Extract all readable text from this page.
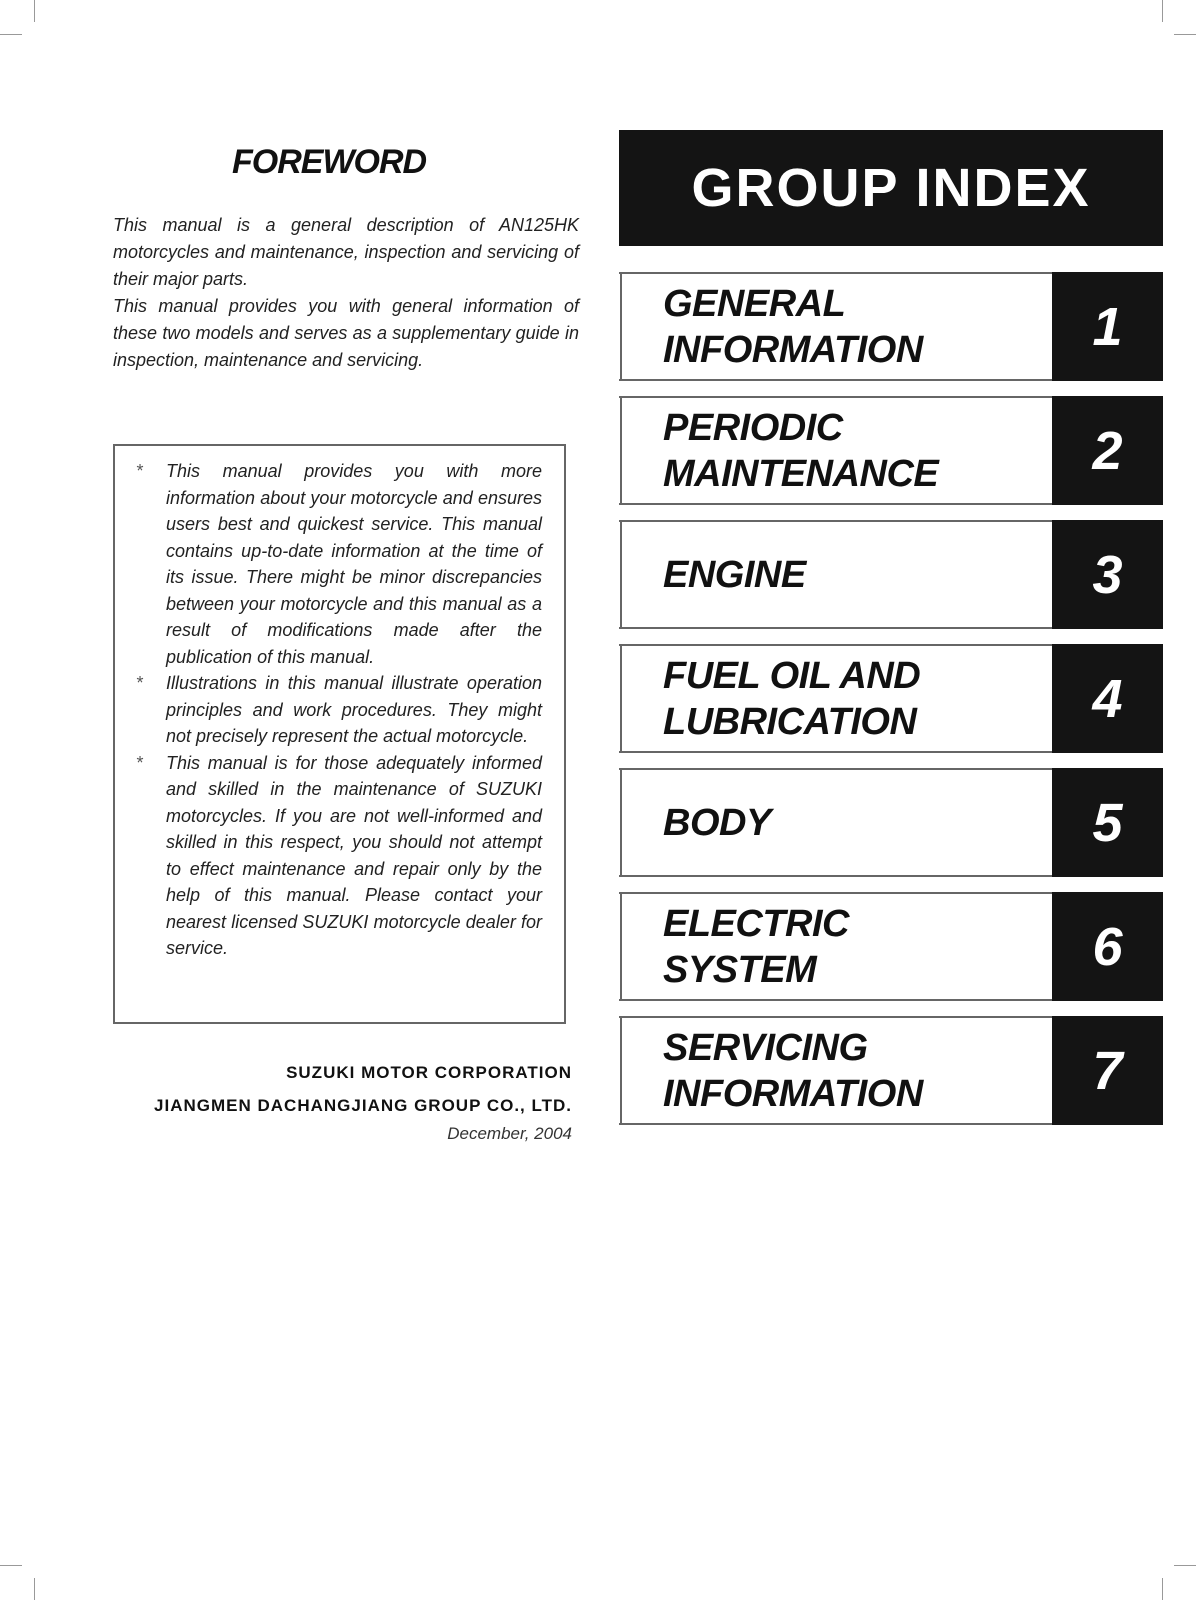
FOREWORD

This manual is a general description of AN125HK motorcycles and maintenance, inspection and servicing of their major parts.

This manual provides you with general information of these two models and serves as a supplementary guide in inspection, maintenance and servicing.

*	This manual provides you with more information about your motorcycle and ensures users best and quickest service. This manual contains up-to-date information at the time of its issue. There might be minor discrepancies between your motorcycle and this manual as a result of modifications made after the publication of this manual.

*	Illustrations in this manual illustrate operation principles and work procedures. They might not precisely represent the actual motorcycle.

*	This manual is for those adequately informed and skilled in the maintenance of SUZUKI motorcycles. If you are not well-informed and skilled in this respect, you should not attempt to effect maintenance and repair only by the help of this manual. Please contact your nearest licensed SUZUKI motorcycle dealer for service.

SUZUKI MOTOR CORPORATION
JIANGMEN DACHANGJIANG GROUP CO., LTD.
December, 2004
GROUP INDEX
GENERAL
INFORMATION	1
PERIODIC
MAINTENANCE	2
ENGINE	3
FUEL OIL AND
LUBRICATION	4
BODY	5
ELECTRIC
SYSTEM	6
SERVICING
INFORMATION	7
